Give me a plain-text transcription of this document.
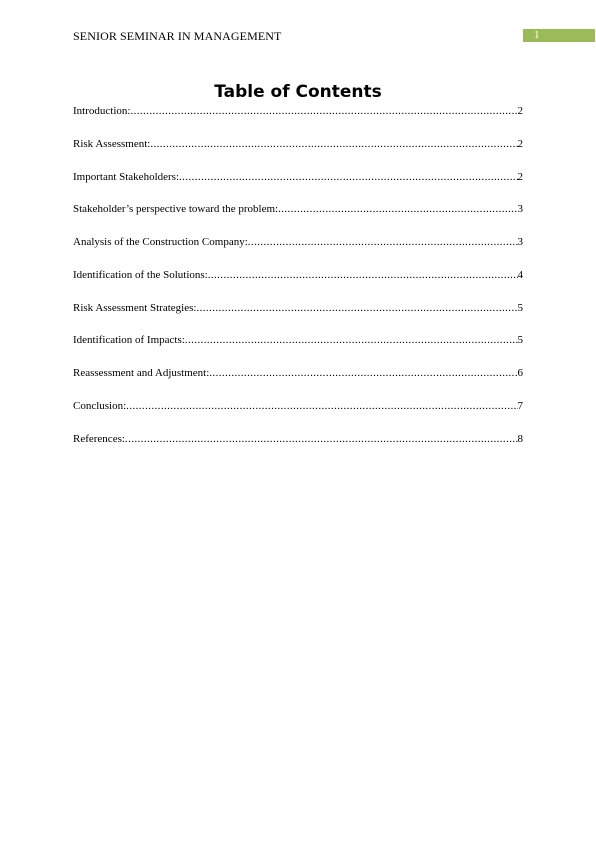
SENIOR SEMINAR IN MANAGEMENT	1
Table of Contents
Introduction: .....	2
Risk Assessment: .....	2
Important Stakeholders: .....	2
Stakeholder’s perspective toward the problem: .....	3
Analysis of the Construction Company: .....	3
Identification of the Solutions: .....	4
Risk Assessment Strategies: .....	5
Identification of Impacts: .....	5
Reassessment and Adjustment: .....	6
Conclusion: .....	7
References: .....	8
